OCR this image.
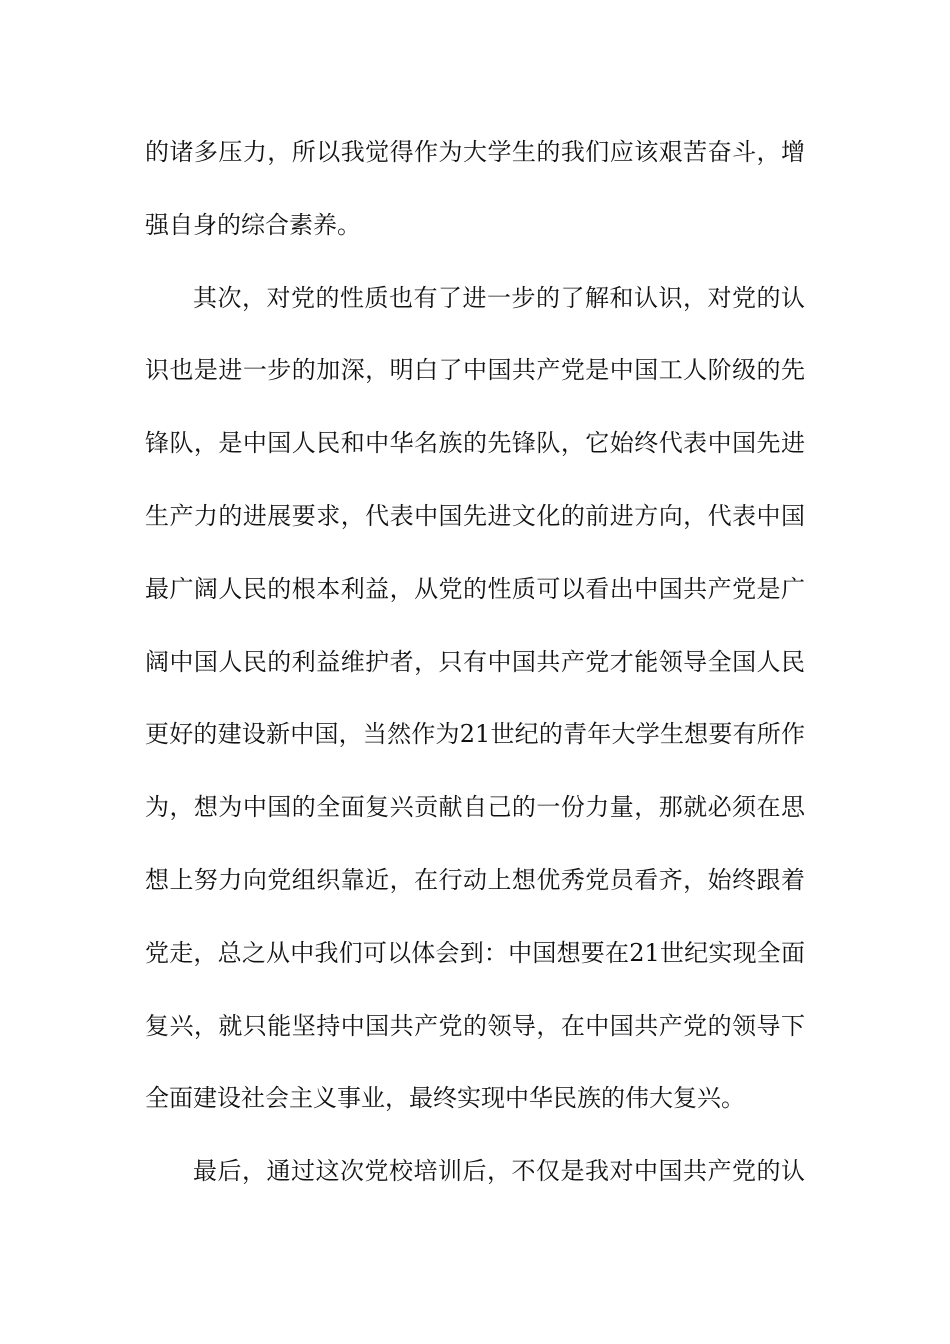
的诸多压力，所以我觉得作为大学生的我们应该艰苦奋斗，增
强自身的综合素养。
其次，对党的性质也有了进一步的了解和认识，对党的认
识也是进一步的加深，明白了中国共产党是中国工人阶级的先
锋队，是中国人民和中华名族的先锋队，它始终代表中国先进
生产力的进展要求，代表中国先进文化的前进方向，代表中国
最广阔人民的根本利益，从党的性质可以看出中国共产党是广
阔中国人民的利益维护者，只有中国共产党才能领导全国人民
更好的建设新中国，当然作为21世纪的青年大学生想要有所作
为，想为中国的全面复兴贡献自己的一份力量，那就必须在思
想上努力向党组织靠近，在行动上想优秀党员看齐，始终跟着
党走，总之从中我们可以体会到：中国想要在21世纪实现全面
复兴，就只能坚持中国共产党的领导，在中国共产党的领导下
全面建设社会主义事业，最终实现中华民族的伟大复兴。
最后，通过这次党校培训后，不仅是我对中国共产党的认
